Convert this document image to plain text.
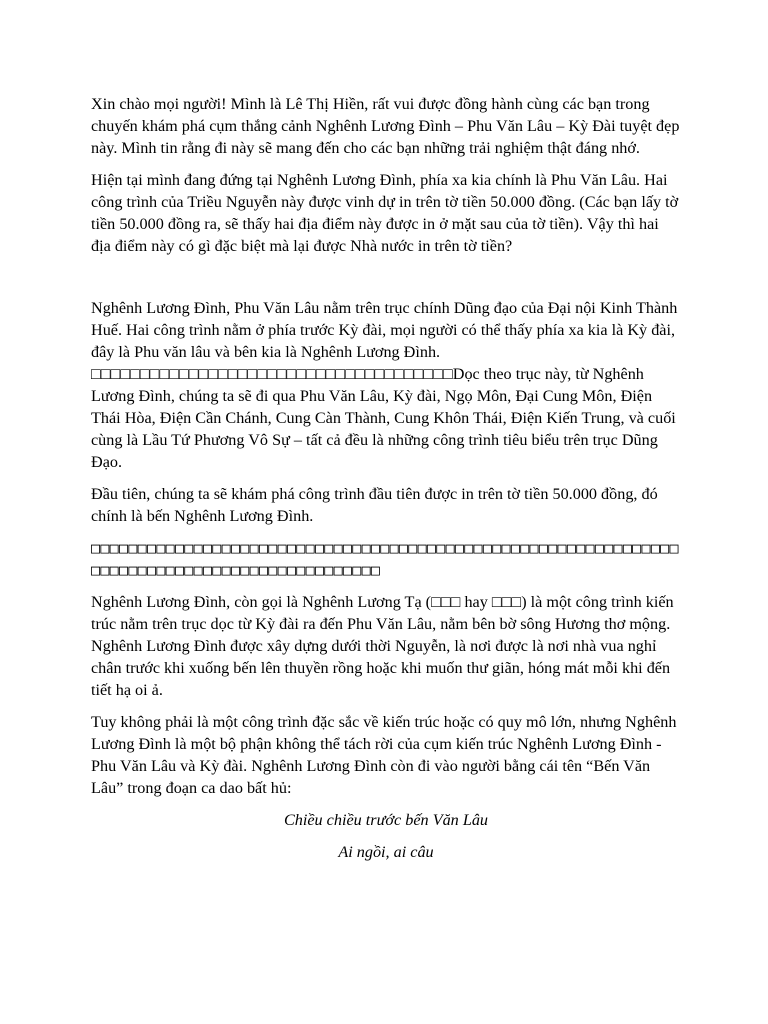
Xin chào mọi người! Mình là Lê Thị Hiền, rất vui được đồng hành cùng các bạn trong chuyến khám phá cụm thắng cảnh Nghênh Lương Đình – Phu Văn Lâu – Kỳ Đài tuyệt đẹp này. Mình tin rằng đi này sẽ mang đến cho các bạn những trải nghiệm thật đáng nhớ.

Hiện tại mình đang đứng tại Nghênh Lương Đình, phía xa kia chính là Phu Văn Lâu. Hai công trình của Triều Nguyễn này được vinh dự in trên tờ tiền 50.000 đồng. (Các bạn lấy tờ tiền 50.000 đồng ra, sẽ thấy hai địa điểm này được in ở mặt sau của tờ tiền). Vậy thì hai địa điểm này có gì đặc biệt mà lại được Nhà nước in trên tờ tiền?

Nghênh Lương Đình, Phu Văn Lâu nằm trên trục chính Dũng đạo của Đại nội Kinh Thành Huế. Hai công trình nằm ở phía trước Kỳ đài, mọi người có thể thấy phía xa kia là Kỳ đài, đây là Phu văn lâu và bên kia là Nghênh Lương Đình. □□□□□□□□□□□□□□□□□□□□□□□□□□□□□□□□□□□□□Dọc theo trục này, từ Nghênh Lương Đình, chúng ta sẽ đi qua Phu Văn Lâu, Kỳ đài, Ngọ Môn, Đại Cung Môn, Điện Thái Hòa, Điện Cần Chánh, Cung Càn Thành, Cung Khôn Thái, Điện Kiến Trung, và cuối cùng là Lầu Tứ Phương Vô Sự – tất cả đều là những công trình tiêu biểu trên trục Dũng Đạo.

Đầu tiên, chúng ta sẽ khám phá công trình đầu tiên được in trên tờ tiền 50.000 đồng, đó chính là bến Nghênh Lương Đình.

□□□□□□□□□□□□□□□□□□□□□□□□□□□□□□□□□□□□□□□□□□□□□□□□□□□□□□□□□□□□□□□□□□□□□□□□□□□□□□□□□□□□□□□□□□□□□□

Nghênh Lương Đình, còn gọi là Nghênh Lương Tạ (□□□ hay □□□) là một công trình kiến trúc nằm trên trục dọc từ Kỳ đài ra đến Phu Văn Lâu, nằm bên bờ sông Hương thơ mộng. Nghênh Lương Đình được xây dựng dưới thời Nguyễn, là nơi được là nơi nhà vua nghỉ chân trước khi xuống bến lên thuyền rồng hoặc khi muốn thư giãn, hóng mát mỗi khi đến tiết hạ oi ả.

Tuy không phải là một công trình đặc sắc về kiến trúc hoặc có quy mô lớn, nhưng Nghênh Lương Đình là một bộ phận không thể tách rời của cụm kiến trúc Nghênh Lương Đình - Phu Văn Lâu và Kỳ đài. Nghênh Lương Đình còn đi vào người bằng cái tên “Bến Văn Lâu” trong đoạn ca dao bất hủ:

Chiều chiều trước bến Văn Lâu

Ai ngồi, ai câu
